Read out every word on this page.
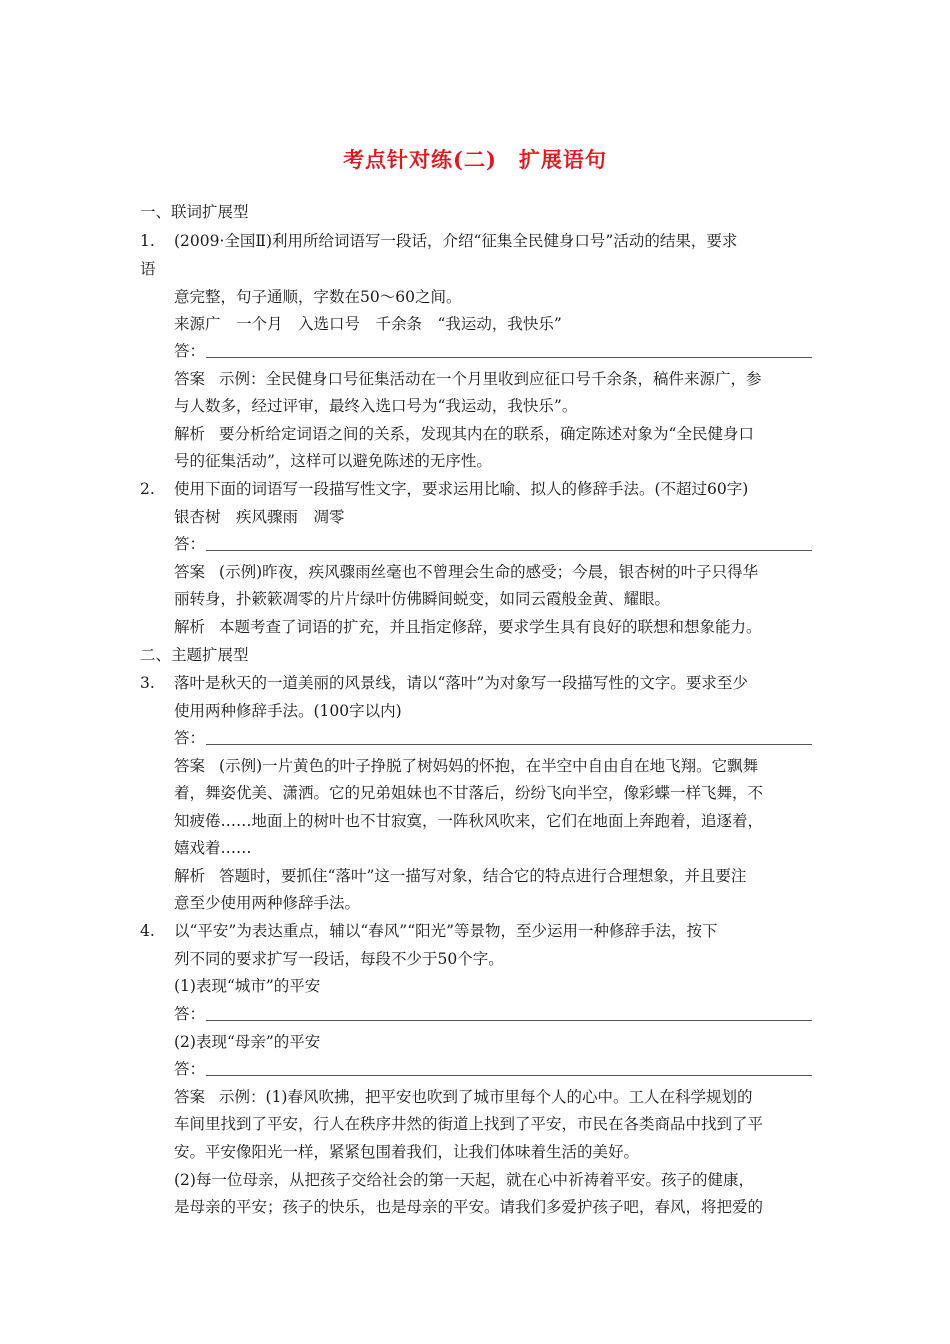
考点针对练(二)　扩展语句
一、联词扩展型
1. (2009·全国Ⅱ)利用所给词语写一段话，介绍“征集全民健身口号”活动的结果，要求
语
意完整，句子通顺，字数在50～60之间。
来源广　一个月　入选口号　千余条　“我运动，我快乐”
答：
答案 示例：全民健身口号征集活动在一个月里收到应征口号千余条，稿件来源广，参
与人数多，经过评审，最终入选口号为“我运动，我快乐”。
解析 要分析给定词语之间的关系，发现其内在的联系，确定陈述对象为“全民健身口
号的征集活动”，这样可以避免陈述的无序性。
2. 使用下面的词语写一段描写性文字，要求运用比喻、拟人的修辞手法。(不超过60字)
银杏树　疾风骤雨　凋零
答：
答案 (示例)昨夜，疾风骤雨丝毫也不曾理会生命的感受；今晨，银杏树的叶子只得华
丽转身，扑簌簌凋零的片片绿叶仿佛瞬间蜕变，如同云霞般金黄、耀眼。
解析 本题考查了词语的扩充，并且指定修辞，要求学生具有良好的联想和想象能力。
二、主题扩展型
3. 落叶是秋天的一道美丽的风景线，请以“落叶”为对象写一段描写性的文字。要求至少
使用两种修辞手法。(100字以内)
答：
答案 (示例)一片黄色的叶子挣脱了树妈妈的怀抱，在半空中自由自在地飞翔。它飘舞
着，舞姿优美、潇洒。它的兄弟姐妹也不甘落后，纷纷飞向半空，像彩蝶一样飞舞，不
知疲倦……地面上的树叶也不甘寂寞，一阵秋风吹来，它们在地面上奔跑着，追逐着，
嬉戏着……
解析 答题时，要抓住“落叶”这一描写对象，结合它的特点进行合理想象，并且要注
意至少使用两种修辞手法。
4. 以“平安”为表达重点，辅以“春风”“阳光”等景物，至少运用一种修辞手法，按下
列不同的要求扩写一段话，每段不少于50个字。
(1)表现“城市”的平安
答：
(2)表现“母亲”的平安
答：
答案 示例：(1)春风吹拂，把平安也吹到了城市里每个人的心中。工人在科学规划的
车间里找到了平安，行人在秩序井然的街道上找到了平安，市民在各类商品中找到了平
安。平安像阳光一样，紧紧包围着我们，让我们体味着生活的美好。
(2)每一位母亲，从把孩子交给社会的第一天起，就在心中祈祷着平安。孩子的健康，
是母亲的平安；孩子的快乐，也是母亲的平安。请我们多爱护孩子吧，春风，将把爱的
